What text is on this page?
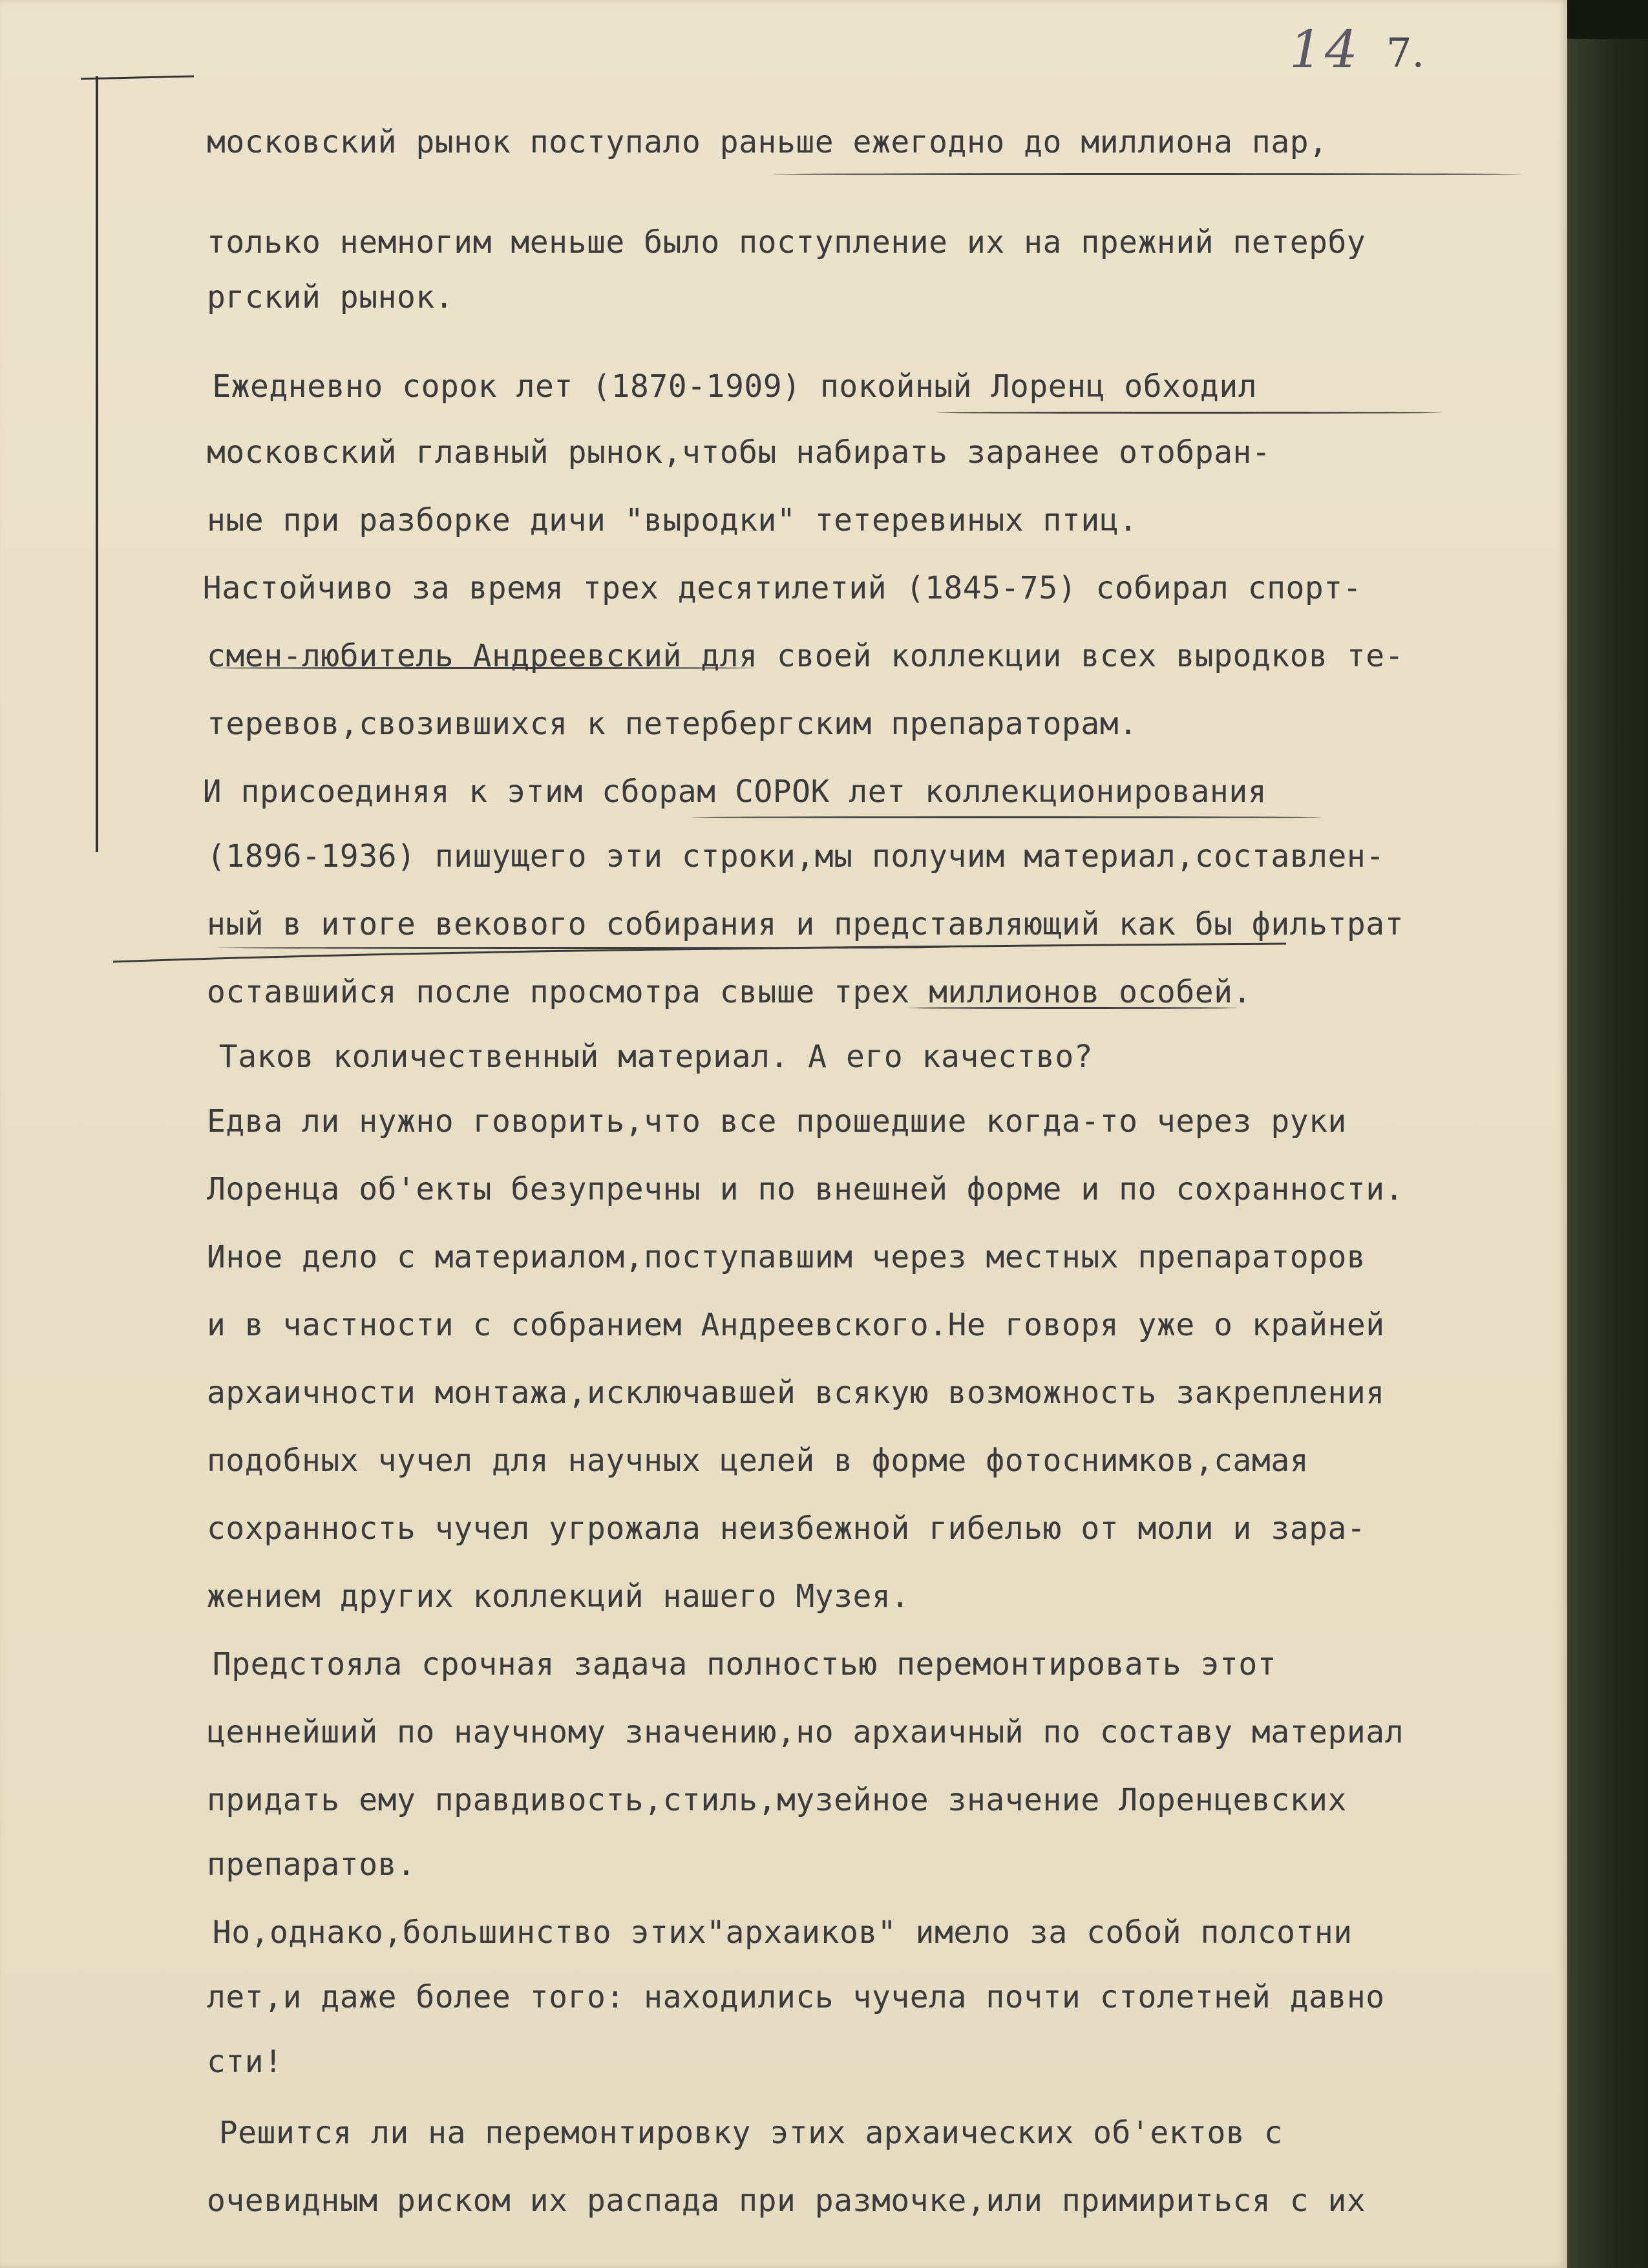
14 7.
московский рынок поступало раньше ежегодно до миллиона пар,
только немногим меньше было поступление их на прежний петербу
ргский рынок.
Ежедневно сорок лет (1870-1909) покойный Лоренц обходил
московский главный рынок,чтобы набирать заранее отобран-
ные при разборке дичи "выродки" тетеревиных птиц.
Настойчиво за время трех десятилетий (1845-75) собирал спорт-
смен-любитель Андреевский для своей коллекции всех выродков те-
теревов,свозившихся к петербергским препараторам.
И присоединяя к этим сборам СОРОК лет коллекционирования
(1896-1936) пишущего эти строки,мы получим материал,составлен-
ный в итоге векового собирания и представляющий как бы фильтрат
оставшийся после просмотра свыше трех миллионов особей.
Таков количественный материал. А его качество?
Едва ли нужно говорить,что все прошедшие когда-то через руки
Лоренца об'екты безупречны и по внешней форме и по сохранности.
Иное дело с материалом,поступавшим через местных препараторов
и в частности с собранием Андреевского.Не говоря уже о крайней
архаичности монтажа,исключавшей всякую возможность закрепления
подобных чучел для научных целей в форме фотоснимков,самая
сохранность чучел угрожала неизбежной гибелью от моли и зара-
жением других коллекций нашего Музея.
Предстояла срочная задача полностью перемонтировать этот
ценнейший по научному значению,но архаичный по составу материал
придать ему правдивость,стиль,музейное значение Лоренцевских
препаратов.
Но,однако,большинство этих"архаиков" имело за собой полсотни
лет,и даже более того: находились чучела почти столетней давно
сти!
Решится ли на перемонтировку этих архаических об'ектов с
очевидным риском их распада при размочке,или примириться с их
